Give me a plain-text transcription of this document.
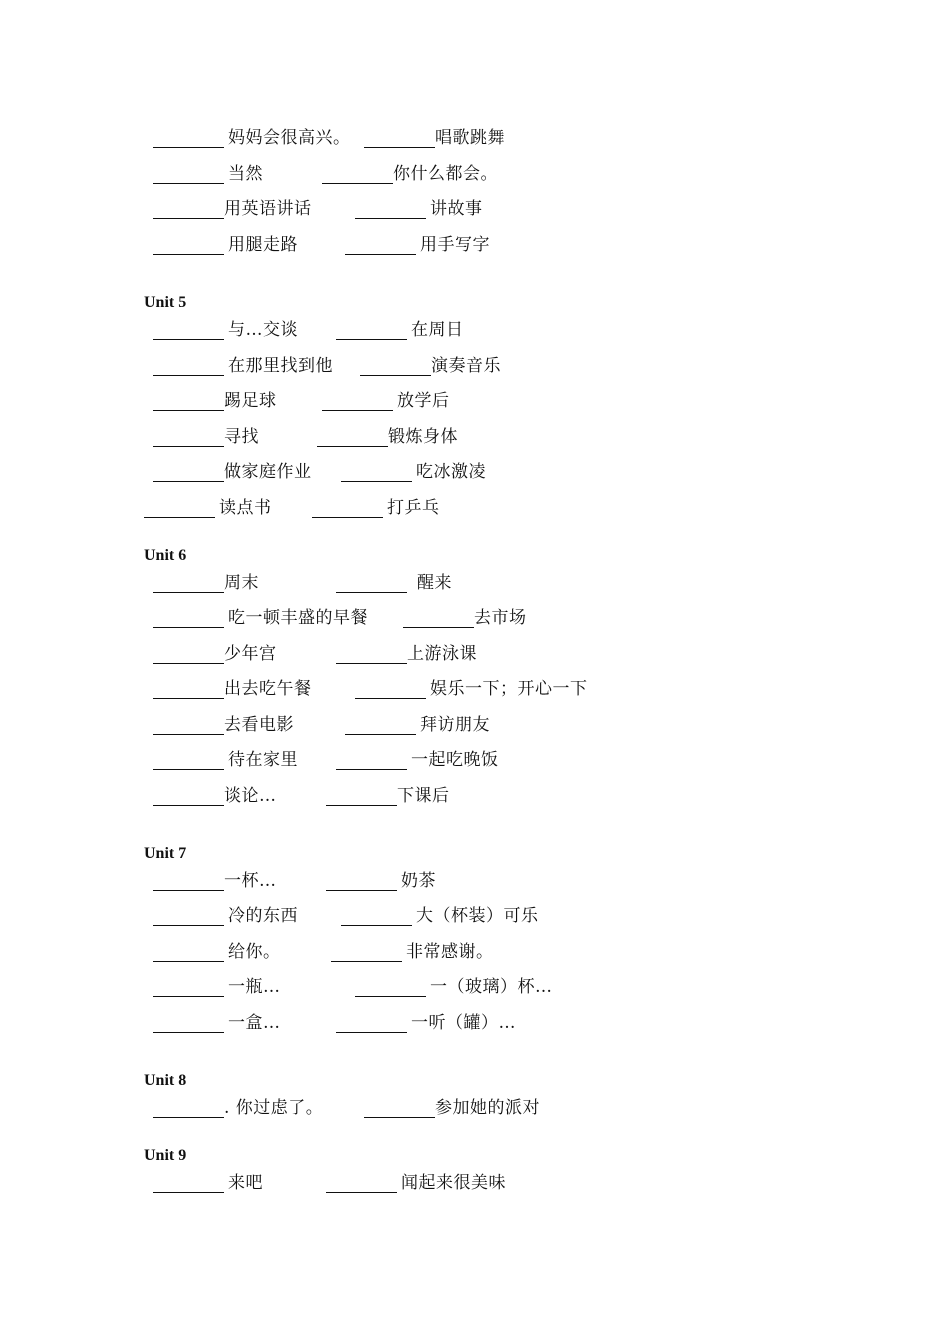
妈妈会很高兴。	唱歌跳舞
当然	你什么都会。
用英语讲话	讲故事
用腿走路	用手写字
Unit 5
与…交谈	在周日
在那里找到他	演奏音乐
踢足球	放学后
寻找	锻炼身体
做家庭作业	吃冰激凌
读点书	打乒乓
Unit 6
周末	醒来
吃一顿丰盛的早餐	去市场
少年宫	上游泳课
出去吃午餐	娱乐一下；开心一下
去看电影	拜访朋友
待在家里	一起吃晚饭
谈论…	下课后
Unit 7
一杯…	奶茶
冷的东西	大（杯装）可乐
给你。	非常感谢。
一瓶…	一（玻璃）杯…
一盒…	一听（罐）…
Unit 8
. 你过虑了。	参加她的派对
Unit 9
来吧	闻起来很美味
